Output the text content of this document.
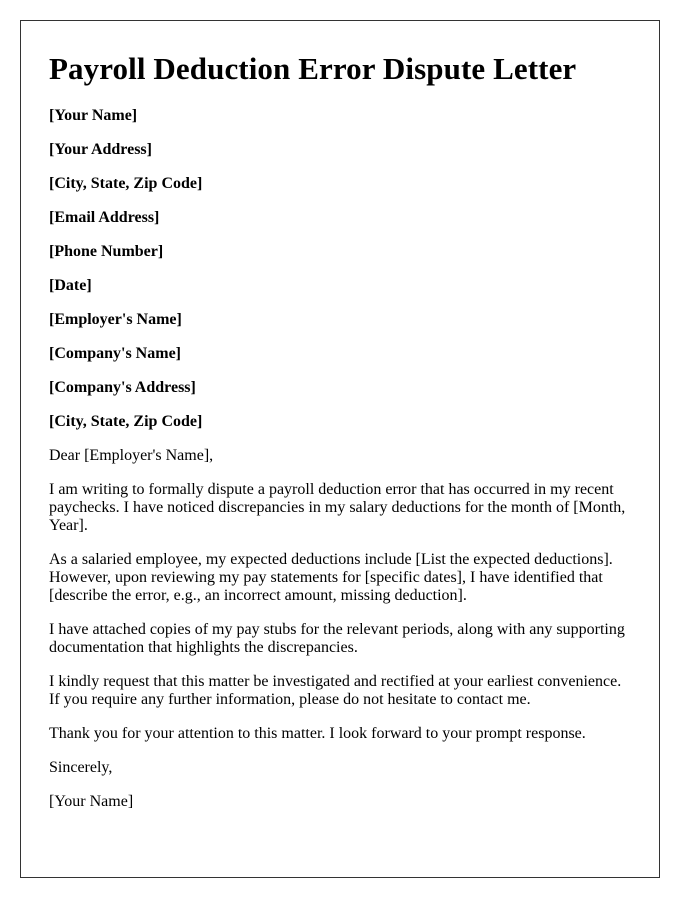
Payroll Deduction Error Dispute Letter
[Your Name]
[Your Address]
[City, State, Zip Code]
[Email Address]
[Phone Number]
[Date]
[Employer's Name]
[Company's Name]
[Company's Address]
[City, State, Zip Code]

Dear [Employer's Name],

I am writing to formally dispute a payroll deduction error that has occurred in my recent paychecks. I have noticed discrepancies in my salary deductions for the month of [Month, Year].

As a salaried employee, my expected deductions include [List the expected deductions]. However, upon reviewing my pay statements for [specific dates], I have identified that [describe the error, e.g., an incorrect amount, missing deduction].

I have attached copies of my pay stubs for the relevant periods, along with any supporting documentation that highlights the discrepancies.

I kindly request that this matter be investigated and rectified at your earliest convenience. If you require any further information, please do not hesitate to contact me.

Thank you for your attention to this matter. I look forward to your prompt response.

Sincerely,

[Your Name]
